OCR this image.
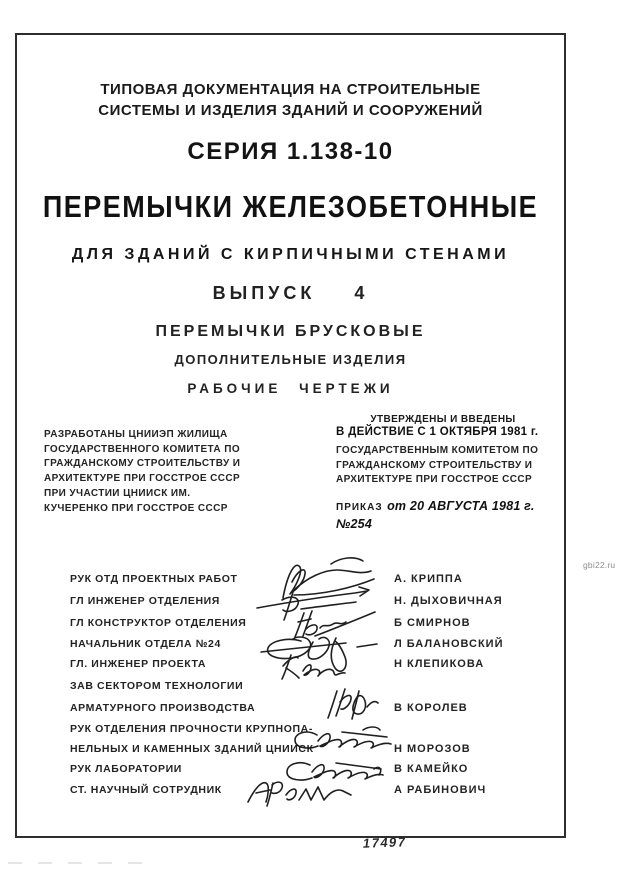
ТИПОВАЯ ДОКУМЕНТАЦИЯ НА СТРОИТЕЛЬНЫЕ
СИСТЕМЫ И ИЗДЕЛИЯ ЗДАНИЙ И СООРУЖЕНИЙ
СЕРИЯ 1.138-10
ПЕРЕМЫЧКИ ЖЕЛЕЗОБЕТОННЫЕ
ДЛЯ ЗДАНИЙ С КИРПИЧНЫМИ СТЕНАМИ
ВЫПУСК 4
ПЕРЕМЫЧКИ БРУСКОВЫЕ
ДОПОЛНИТЕЛЬНЫЕ ИЗДЕЛИЯ
РАБОЧИЕ ЧЕРТЕЖИ
РАЗРАБОТАНЫ ЦНИИЭП ЖИЛИЩА
ГОСУДАРСТВЕННОГО КОМИТЕТА ПО
ГРАЖДАНСКОМУ СТРОИТЕЛЬСТВУ И
АРХИТЕКТУРЕ ПРИ ГОССТРОЕ СССР
ПРИ УЧАСТИИ ЦНИИСК ИМ.
КУЧЕРЕНКО ПРИ ГОССТРОЕ СССР
УТВЕРЖДЕНЫ И ВВЕДЕНЫ
В ДЕЙСТВИЕ С 1 ОКТЯБРЯ 1981 г.
ГОСУДАРСТВЕННЫМ КОМИТЕТОМ ПО
ГРАЖДАНСКОМУ СТРОИТЕЛЬСТВУ И
АРХИТЕКТУРЕ ПРИ ГОССТРОЕ СССР
ПРИКАЗ от 20 АВГУСТА 1981 г. №254
РУК ОТД ПРОЕКТНЫХ РАБОТ
ГЛ ИНЖЕНЕР ОТДЕЛЕНИЯ
ГЛ КОНСТРУКТОР ОТДЕЛЕНИЯ
НАЧАЛЬНИК ОТДЕЛА №24
ГЛ. ИНЖЕНЕР ПРОЕКТА
ЗАВ СЕКТОРОМ ТЕХНОЛОГИИ
АРМАТУРНОГО ПРОИЗВОДСТВА
РУК ОТДЕЛЕНИЯ ПРОЧНОСТИ КРУПНОПА-
НЕЛЬНЫХ И КАМЕННЫХ ЗДАНИЙ ЦНИИСК
РУК ЛАБОРАТОРИИ
СТ. НАУЧНЫЙ СОТРУДНИК
А. КРИППА
Н. ДЫХОВИЧНАЯ
Б СМИРНОВ
Л БАЛАНОВСКИЙ
Н КЛЕПИКОВА
В КОРОЛЕВ
Н МОРОЗОВ
В КАМЕЙКО
А РАБИНОВИЧ
17497
gbi22.ru
